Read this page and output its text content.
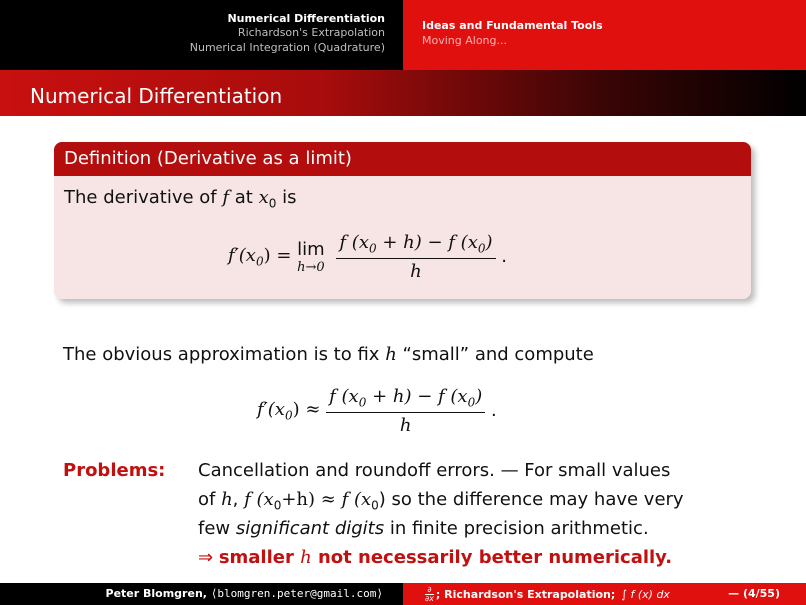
Numerical Differentiation
Richardson's Extrapolation
Numerical Integration (Quadrature)
Ideas and Fundamental Tools
Moving Along...
Numerical Differentiation
Definition (Derivative as a limit)
The derivative of f at $x_0$ is
$f'(x_0) = \lim$
h→0
$\frac{f (x_0 + h) - f (x_0)}{h}$ .
The obvious approximation is to fix h “small” and compute
$f'(x_0) \approx \frac{f (x_0 + h) - f (x_0)}{h}$ .
Problems: Cancellation and roundoff errors. — For small values
of h, f $(x_0+h) \approx f$ $(x_0)$ so the difference may have very
few significant digits in finite precision arithmetic.
⇒ smaller h not necessarily better numerically.
Peter Blomgren, ⟨blomgren.peter@gmail.com⟩	∂
∂x ; Richardson's Extrapolation; ∫ f (x) dx	— (4/55)
